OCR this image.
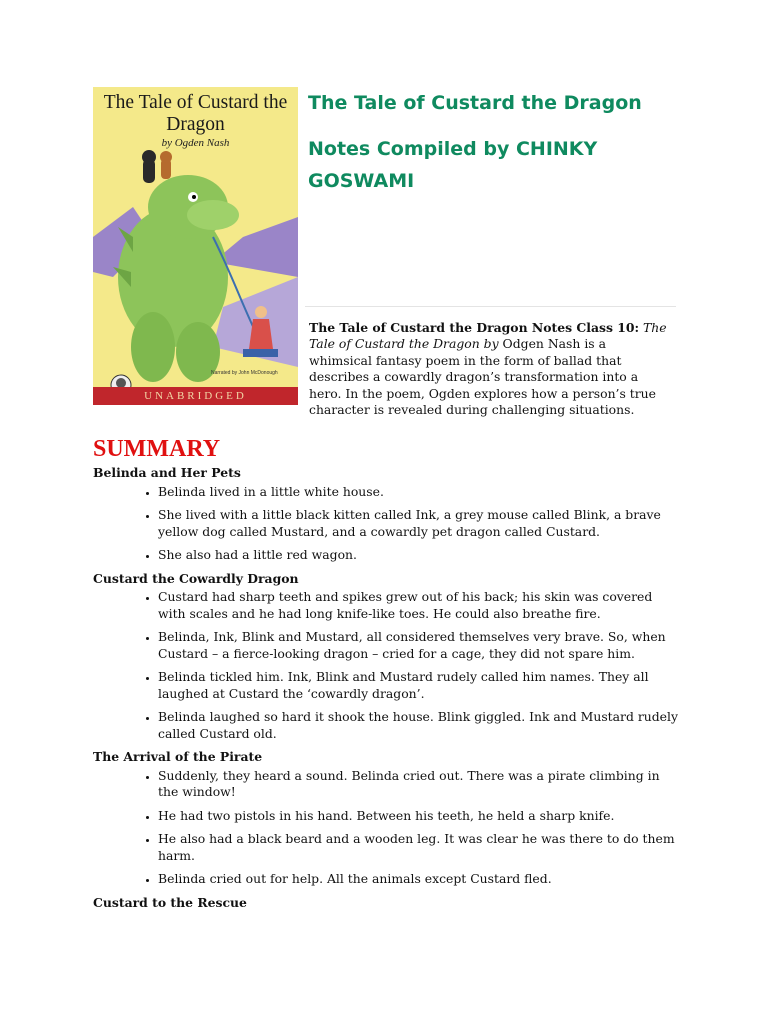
The Tale of Custard the Dragon
by Ogden Nash
Narrated by John McDonough
UNABRIDGED
The Tale of Custard the Dragon
Notes Compiled by CHINKY
GOSWAMI

The Tale of Custard the Dragon Notes Class 10: The Tale of Custard the Dragon by Odgen Nash is a whimsical fantasy poem in the form of ballad that describes a cowardly dragon’s transformation into a hero. In the poem, Ogden explores how a person’s true character is revealed during challenging situations.

SUMMARY

Belinda and Her Pets

• Belinda lived in a little white house.
• She lived with a little black kitten called Ink, a grey mouse called Blink, a brave yellow dog called Mustard, and a cowardly pet dragon called Custard.
• She also had a little red wagon.

Custard the Cowardly Dragon

• Custard had sharp teeth and spikes grew out of his back; his skin was covered with scales and he had long knife-like toes. He could also breathe fire.
• Belinda, Ink, Blink and Mustard, all considered themselves very brave. So, when Custard – a fierce-looking dragon – cried for a cage, they did not spare him.
• Belinda tickled him. Ink, Blink and Mustard rudely called him names. They all laughed at Custard the ‘cowardly dragon’.
• Belinda laughed so hard it shook the house. Blink giggled. Ink and Mustard rudely called Custard old.

The Arrival of the Pirate

• Suddenly, they heard a sound. Belinda cried out. There was a pirate climbing in the window!
• He had two pistols in his hand. Between his teeth, he held a sharp knife.
• He also had a black beard and a wooden leg. It was clear he was there to do them harm.
• Belinda cried out for help. All the animals except Custard fled.

Custard to the Rescue
